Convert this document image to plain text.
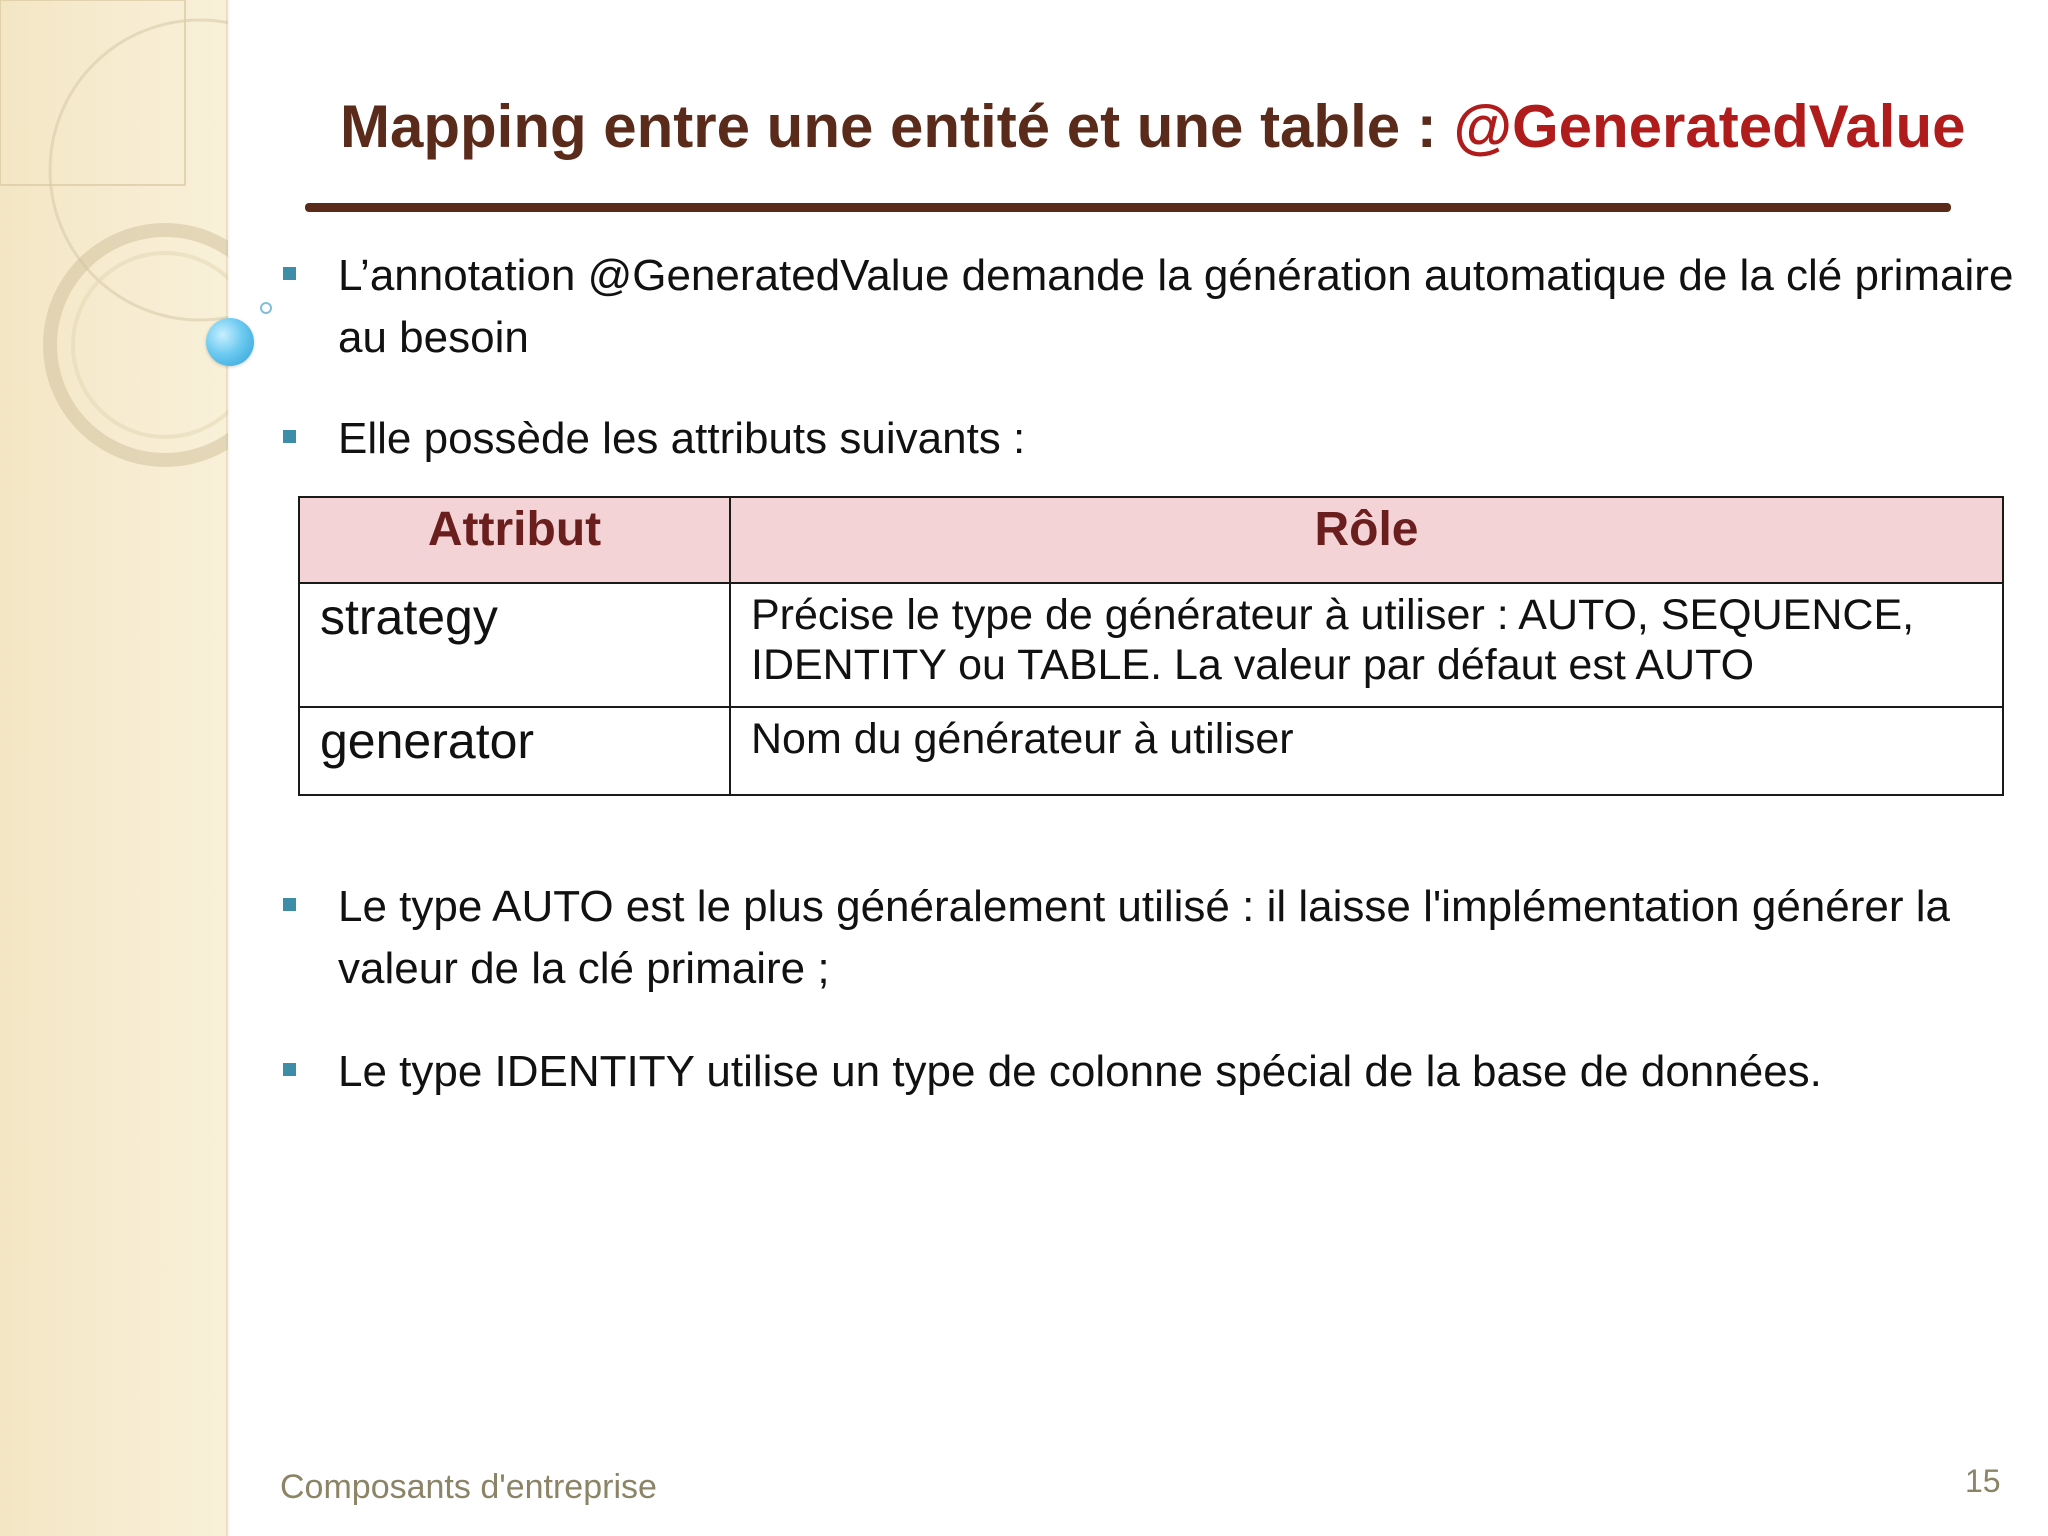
Mapping entre une entité et une table : @GeneratedValue
L’annotation @GeneratedValue demande la génération automatique de la clé primaire au besoin
Elle possède les attributs suivants :
Attribut	Rôle
strategy	Précise le type de générateur à utiliser : AUTO, SEQUENCE, IDENTITY ou TABLE. La valeur par défaut est AUTO
generator	Nom du générateur à utiliser
Le type AUTO est le plus généralement utilisé : il laisse l'implémentation générer la valeur de la clé primaire ;
Le type IDENTITY utilise un type de colonne spécial de la base de données.
Composants d'entreprise	15
